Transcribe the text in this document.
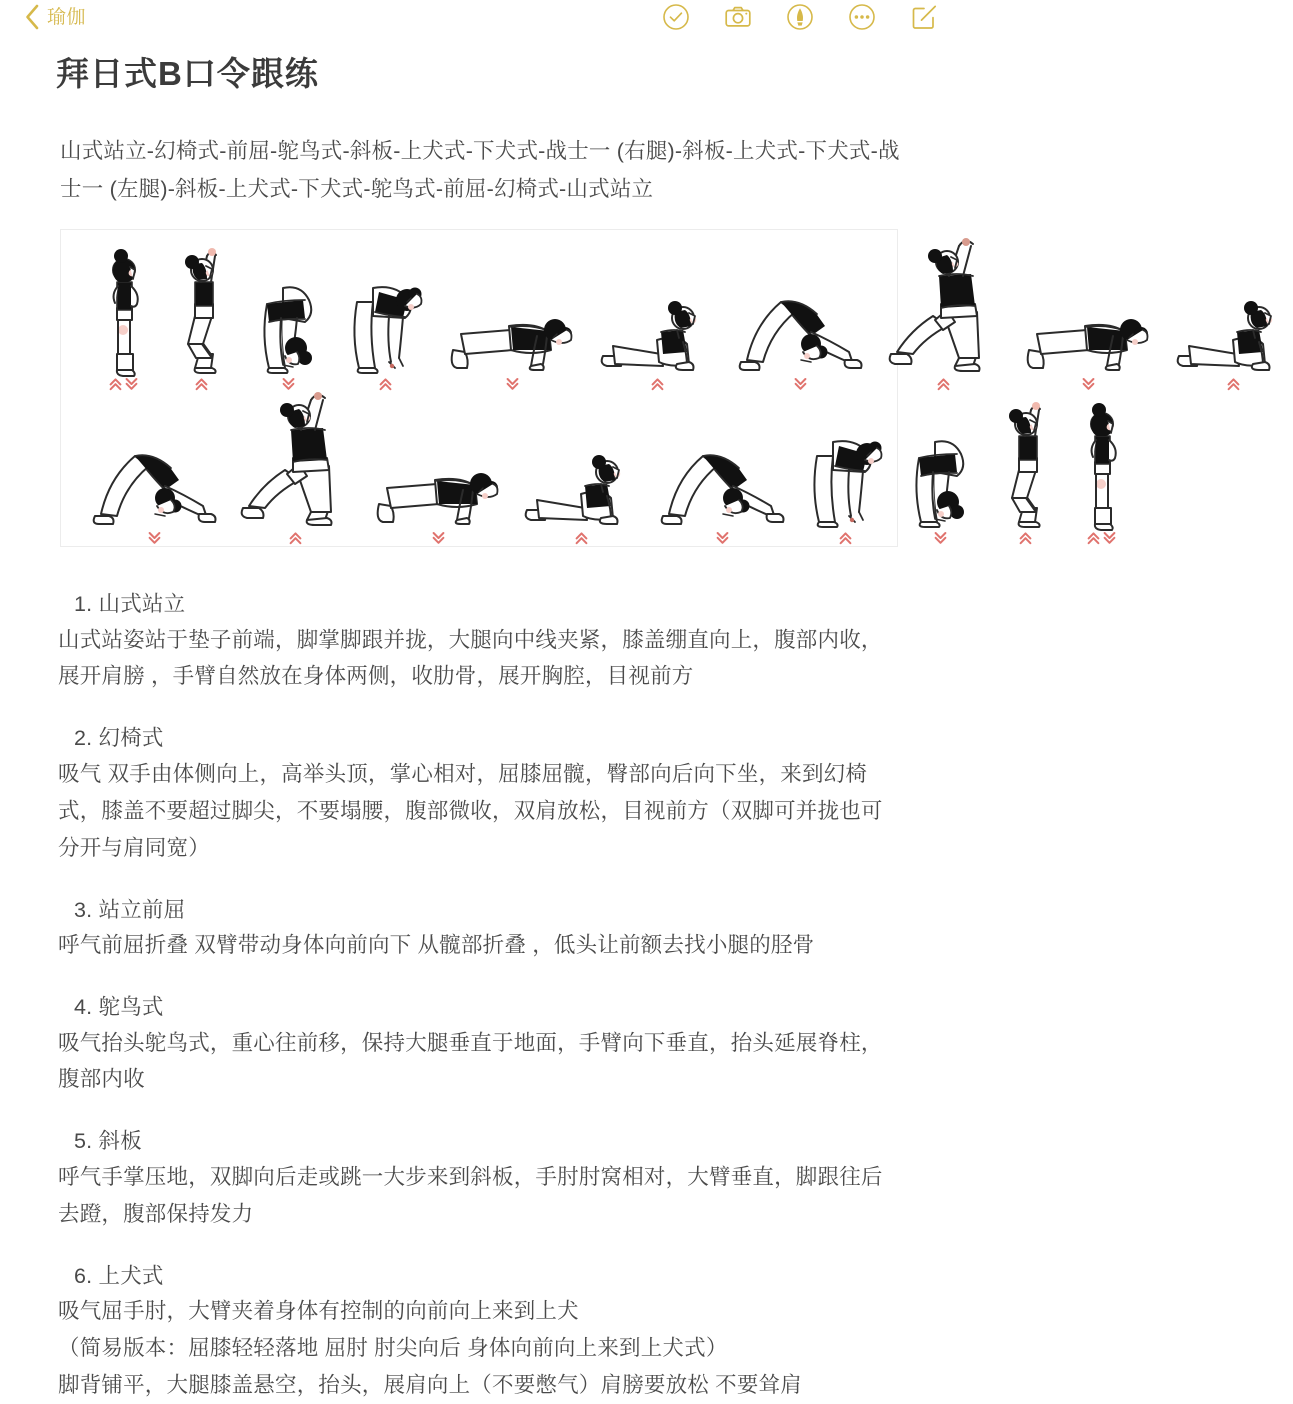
瑜伽
拜日式B口令跟练

山式站立-幻椅式-前屈-鸵鸟式-斜板-上犬式-下犬式-战士一 (右腿)-斜板-上犬式-下犬式-战士一 (左腿)-斜板-上犬式-下犬式-鸵鸟式-前屈-幻椅式-山式站立

1. 山式站立
山式站姿站于垫子前端，脚掌脚跟并拢，大腿向中线夹紧，膝盖绷直向上，腹部内收，展开肩膀 ，手臂自然放在身体两侧，收肋骨，展开胸腔，目视前方
2. 幻椅式
吸气 双手由体侧向上，高举头顶，掌心相对，屈膝屈髋，臀部向后向下坐，来到幻椅式，膝盖不要超过脚尖，不要塌腰，腹部微收，双肩放松，目视前方（双脚可并拢也可分开与肩同宽）
3. 站立前屈
呼气前屈折叠 双臂带动身体向前向下 从髋部折叠 ，低头让前额去找小腿的胫骨
4. 鸵鸟式
吸气抬头鸵鸟式，重心往前移，保持大腿垂直于地面，手臂向下垂直，抬头延展脊柱，腹部内收
5. 斜板
呼气手掌压地，双脚向后走或跳一大步来到斜板，手肘肘窝相对，大臂垂直，脚跟往后去蹬，腹部保持发力
6. 上犬式
吸气屈手肘，大臂夹着身体有控制的向前向上来到上犬
（简易版本：屈膝轻轻落地 屈肘 肘尖向后 身体向前向上来到上犬式）
脚背铺平，大腿膝盖悬空，抬头，展肩向上（不要憋气）肩膀要放松 不要耸肩
